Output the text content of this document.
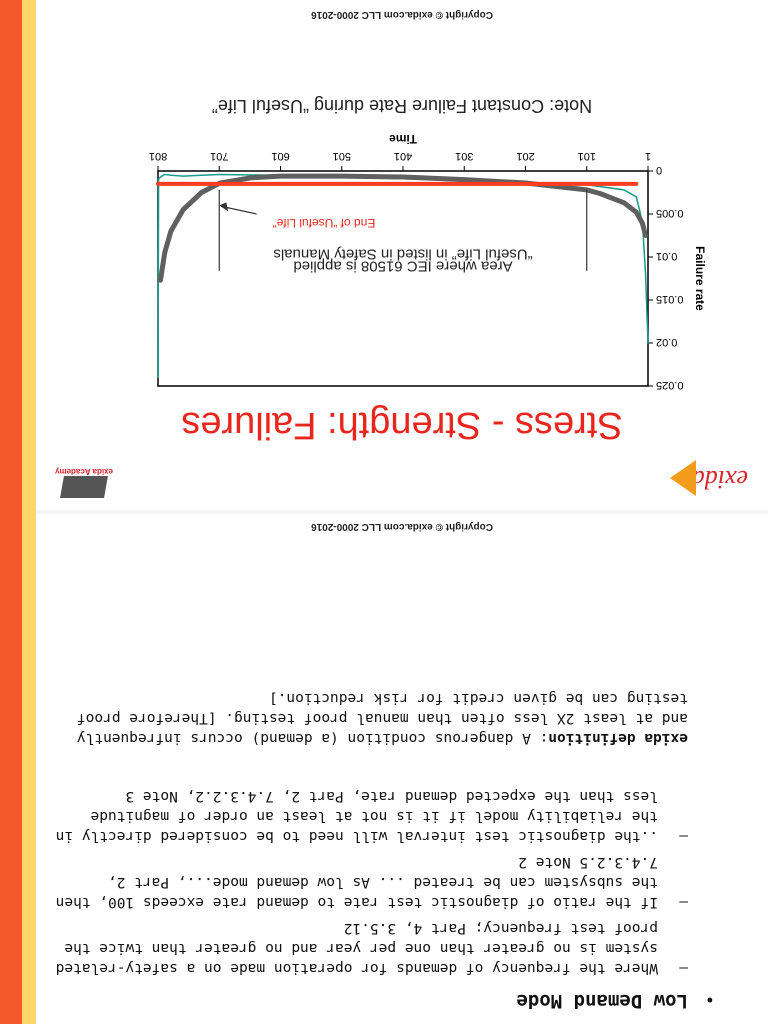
•
Low Demand Mode
–
Where the frequency of demands for operation made on a safety-related system is no greater than one per year and no greater than twice the proof test frequency; Part 4, 3.5.12
–
If the ratio of diagnostic test rate to demand rate exceeds 100, then the subsystem can be treated ... As low demand mode..., Part 2, 7.4.3.2.5 Note 2
–
..the diagnostic test interval will need to be considered directly in the reliability model if it is not at least an order of magnitude less than the expected demand rate, Part 2, 7.4.3.2.2, Note 3
exida definition: A dangerous condition (a demand) occurs infrequently and at least 2X less often than manual proof testing. [Therefore proof testing can be given credit for risk reduction.]
Copyright © exida.com LLC 2000-2016
exida
exida Academy
Stress - Strength: Failures
0
0.005
0.01
0.015
0.02
0.025
1
101
201
301
401
501
601
701
801
Time
Failure rate
Area where IEC 61508 is applied
“Useful Life” in listed in Safety Manuals
End of “Useful Life”
Note: Constant Failure Rate during “Useful Life”
Copyright © exida.com LLC 2000-2016
